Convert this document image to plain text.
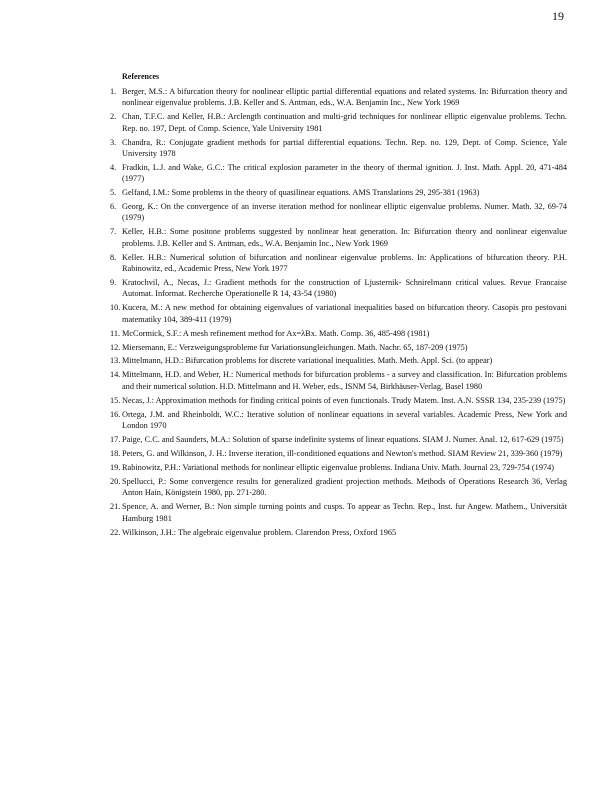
19
References
1. Berger, M.S.: A bifurcation theory for nonlinear elliptic partial differential equations and related systems. In: Bifurcation theory and nonlinear eigenvalue problems. J.B. Keller and S. Antman, eds., W.A. Benjamin Inc., New York 1969
2. Chan, T.F.C. and Keller, H.B.: Arclength continuation and multi-grid techniques for nonlinear elliptic eigenvalue problems. Techn. Rep. no. 197, Dept. of Comp. Science, Yale University 1981
3. Chandra, R.: Conjugate gradient methods for partial differential equations. Techn. Rep. no. 129, Dept. of Comp. Science, Yale University 1978
4. Fradkin, L.J. and Wake, G.C.: The critical explosion parameter in the theory of thermal ignition. J. Inst. Math. Appl. 20, 471-484 (1977)
5. Gelfand, I.M.: Some problems in the theory of quasilinear equations. AMS Translations 29, 295-381 (1963)
6. Georg, K.: On the convergence of an inverse iteration method for nonlinear elliptic eigenvalue problems. Numer. Math. 32, 69-74 (1979)
7. Keller, H.B.: Some positone problems suggested by nonlinear heat generation. In: Bifurcation theory and nonlinear eigenvalue problems. J.B. Keller and S. Antman, eds., W.A. Benjamin Inc., New York 1969
8. Keller. H.B.: Numerical solution of bifurcation and nonlinear eigenvalue problems. In: Applications of bifurcation theory. P.H. Rabinowitz, ed., Academic Press, New York 1977
9. Kratochvil, A., Necas, J.: Gradient methods for the construction of Ljusternik- Schnirelmann critical values. Revue Francaise Automat. Informat. Recherche Operationelle R 14, 43-54 (1980)
10. Kucera, M.: A new method for obtaining eigenvalues of variational inequalities based on bifurcation theory. Casopis pro pestovani matematiky 104, 389-411 (1979)
11. McCormick, S.F.: A mesh refinement method for Ax=λBx. Math. Comp. 36, 485-498 (1981)
12. Miersemann, E.: Verzweigungsprobleme fur Variationsungleichungen. Math. Nachr. 65, 187-209 (1975)
13. Mittelmann, H.D.: Bifurcation problems for discrete variational inequalities. Math. Meth. Appl. Sci. (to appear)
14. Mittelmann, H.D. and Weber, H.: Numerical methods for bifurcation problems - a survey and classification. In: Bifurcation problems and their numerical solution. H.D. Mittelmann and H. Weber, eds., ISNM 54, Birkhäuser-Verlag, Basel 1980
15. Necas, J.: Approximation methods for finding critical points of even functionals. Trudy Matem. Inst. A.N. SSSR 134, 235-239 (1975)
16. Ortega, J.M. and Rheinboldt, W.C.: Iterative solution of nonlinear equations in several variables. Academic Press, New York and London 1970
17. Paige, C.C. and Saunders, M.A.: Solution of sparse indefinite systems of linear equations. SIAM J. Numer. Anal. 12, 617-629 (1975)
18. Peters, G. and Wilkinson, J. H.: Inverse iteration, ill-conditioned equations and Newton's method. SIAM Review 21, 339-360 (1979)
19. Rabinowitz, P.H.: Variational methods for nonlinear elliptic eigenvalue problems. Indiana Univ. Math. Journal 23, 729-754 (1974)
20. Spellucci, P.: Some convergence results for generalized gradient projection methods. Methods of Operations Research 36, Verlag Anton Hain, Königstein 1980, pp. 271-280.
21. Spence, A. and Werner, B.: Non simple turning points and cusps. To appear as Techn. Rep., Inst. fur Angew. Mathem., Universität Hamburg 1981
22. Wilkinson, J.H.: The algebraic eigenvalue problem. Clarendon Press, Oxford 1965
